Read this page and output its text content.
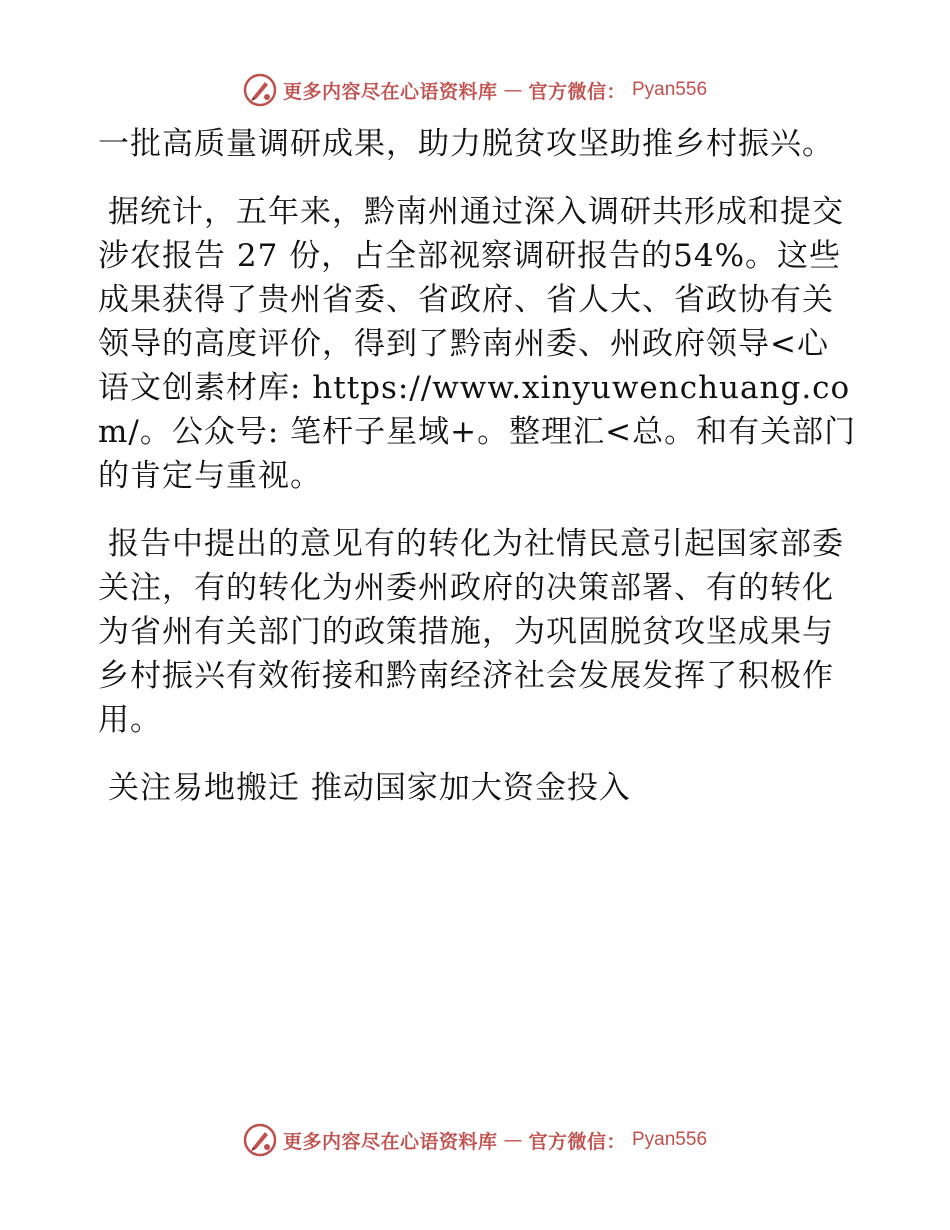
更多内容尽在心语资料库 — 官方微信： Pyan556

一批高质量调研成果，助力脱贫攻坚助推乡村振兴。

据统计，五年来，黔南州通过深入调研共形成和提交涉农报告 27 份，占全部视察调研报告的54%。这些成果获得了贵州省委、省政府、省人大、省政协有关领导的高度评价，得到了黔南州委、州政府领导<心语文创素材库: https://www.xinyuwenchuang.com/。公众号: 笔杆子星域+。整理汇<总。和有关部门的肯定与重视。

报告中提出的意见有的转化为社情民意引起国家部委关注，有的转化为州委州政府的决策部署、有的转化为省州有关部门的政策措施，为巩固脱贫攻坚成果与乡村振兴有效衔接和黔南经济社会发展发挥了积极作用。

关注易地搬迁 推动国家加大资金投入

更多内容尽在心语资料库 — 官方微信： Pyan556
